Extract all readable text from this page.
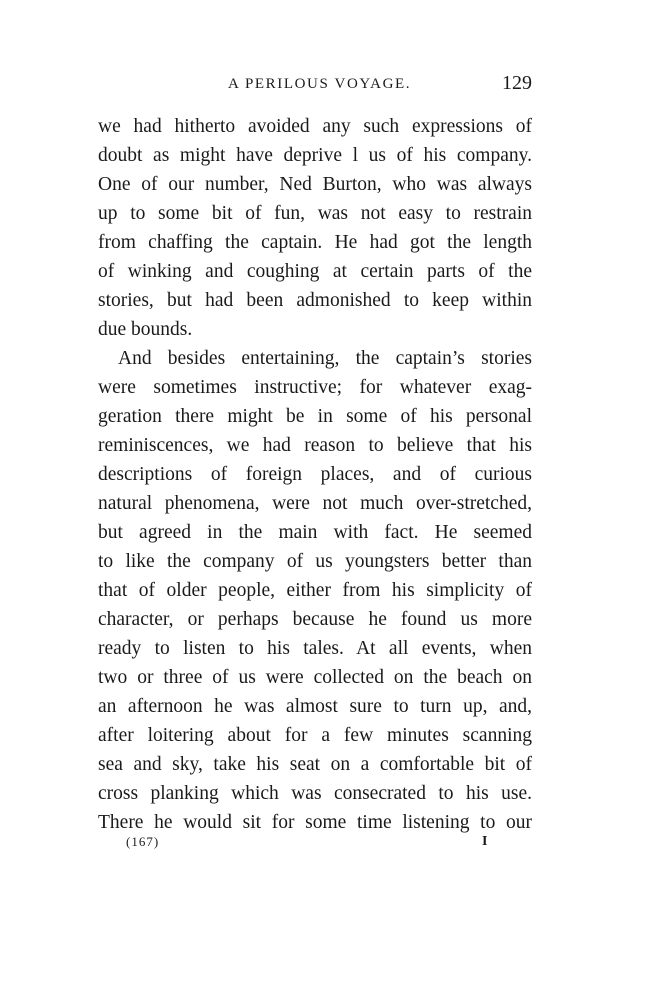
A PERILOUS VOYAGE.	129
we had hitherto avoided any such expressions of
doubt as might have deprive l us of his company.
One of our number, Ned Burton, who was always
up to some bit of fun, was not easy to restrain
from chaffing the captain. He had got the length
of winking and coughing at certain parts of the
stories, but had been admonished to keep within
due bounds.
And besides entertaining, the captain’s stories
were sometimes instructive; for whatever exag-
geration there might be in some of his personal
reminiscences, we had reason to believe that his
descriptions of foreign places, and of curious
natural phenomena, were not much over-stretched,
but agreed in the main with fact. He seemed
to like the company of us youngsters better than
that of older people, either from his simplicity of
character, or perhaps because he found us more
ready to listen to his tales. At all events, when
two or three of us were collected on the beach on
an afternoon he was almost sure to turn up, and,
after loitering about for a few minutes scanning
sea and sky, take his seat on a comfortable bit of
cross planking which was consecrated to his use.
There he would sit for some time listening to our
(167)	I
